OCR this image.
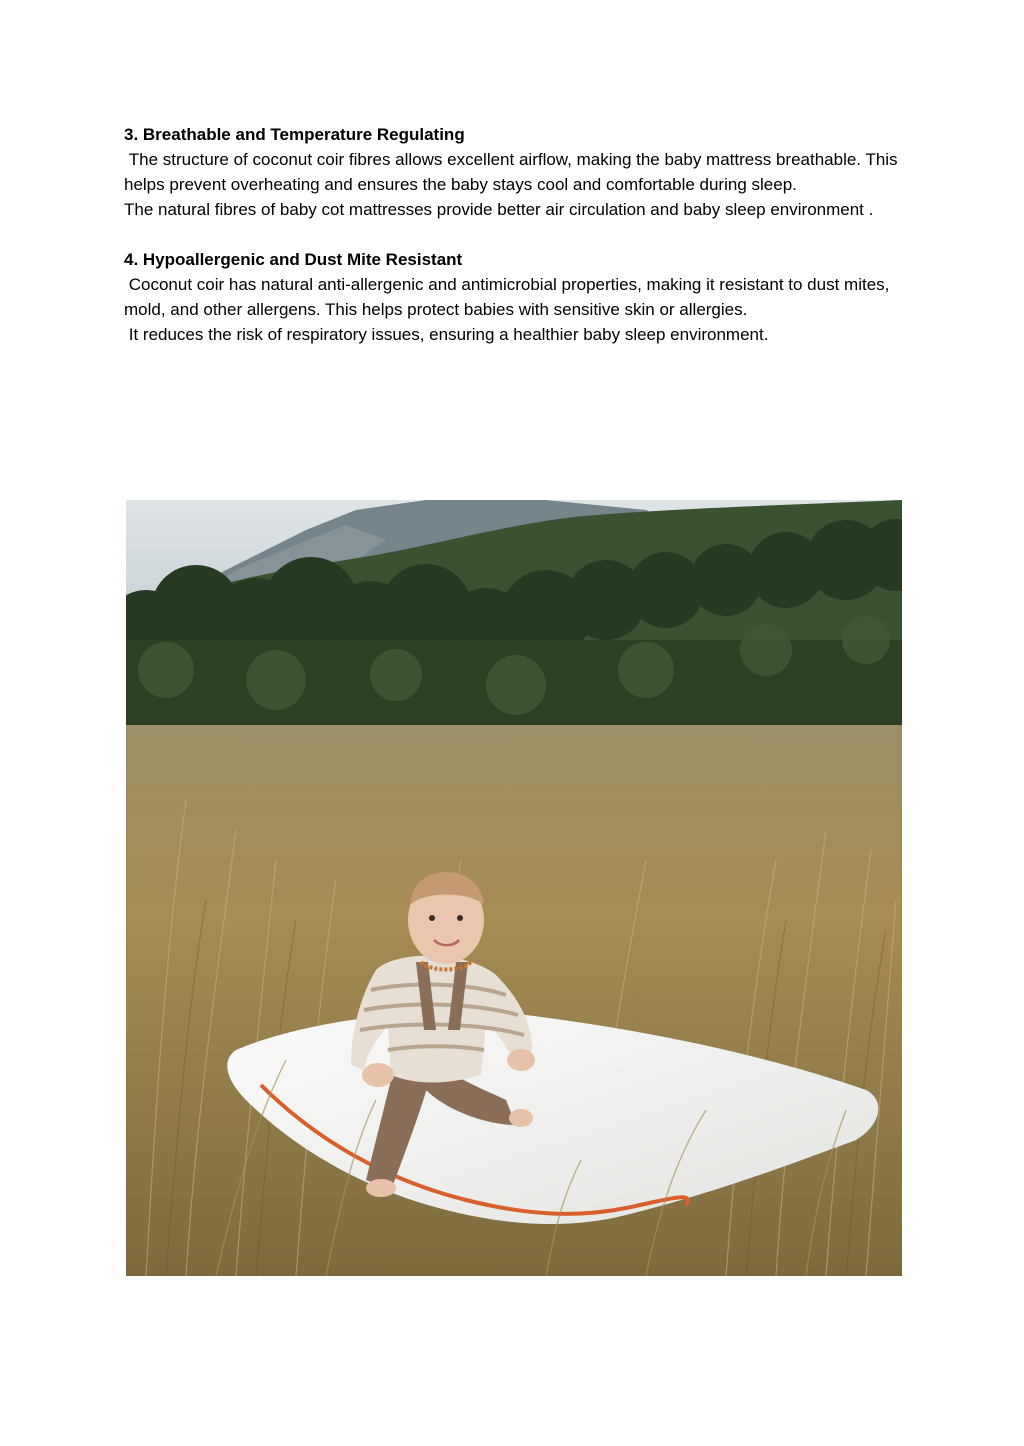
3. Breathable and Temperature Regulating

The structure of coconut coir fibres allows excellent airflow, making the baby mattress breathable. This helps prevent overheating and ensures the baby stays cool and comfortable during sleep.

The natural fibres of baby cot mattresses provide better air circulation and baby sleep environment .

4. Hypoallergenic and Dust Mite Resistant

Coconut coir has natural anti-allergenic and antimicrobial properties, making it resistant to dust mites, mold, and other allergens. This helps protect babies with sensitive skin or allergies.

It reduces the risk of respiratory issues, ensuring a healthier baby sleep environment.
